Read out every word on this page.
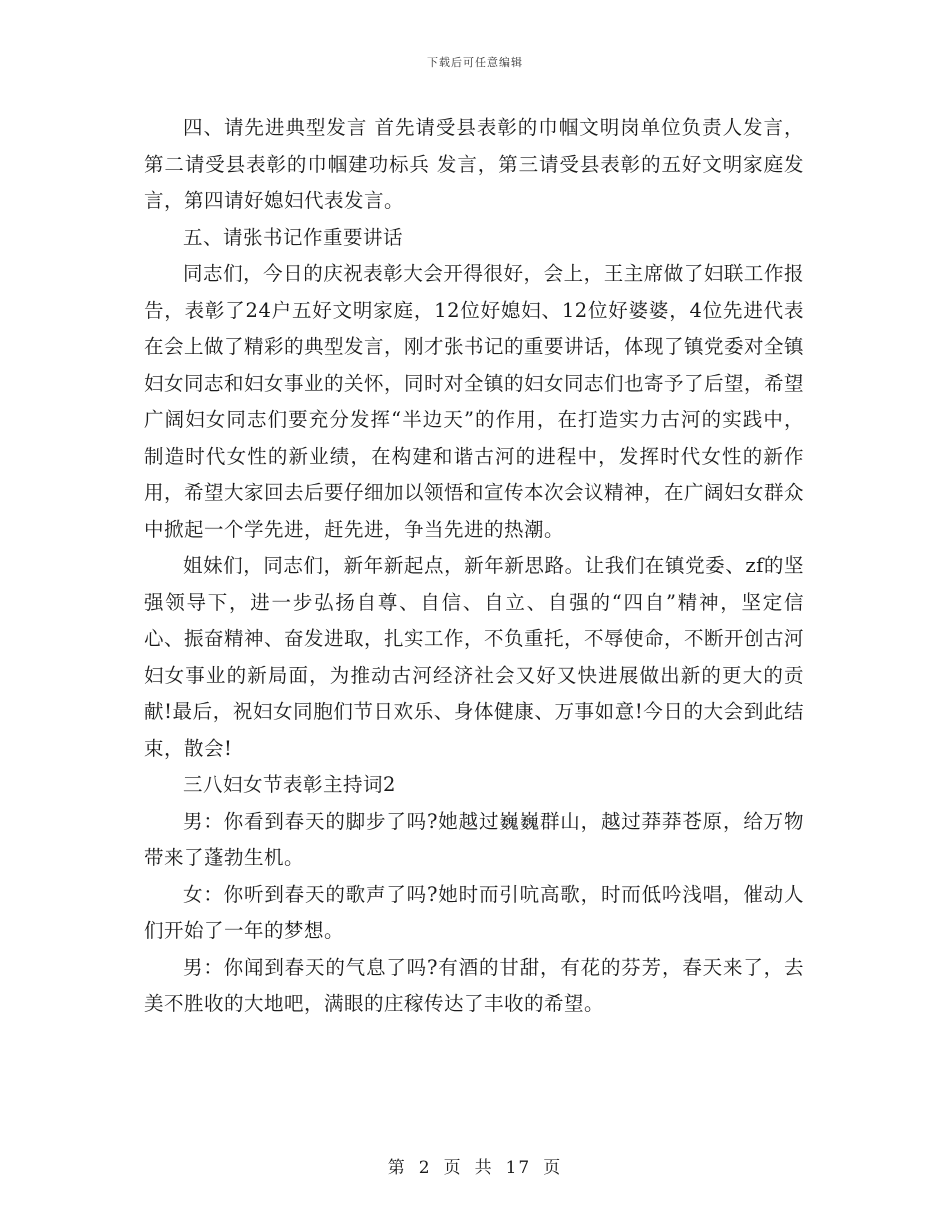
下载后可任意编辑

四、请先进典型发言 首先请受县表彰的巾帼文明岗单位负责人发言，第二请受县表彰的巾帼建功标兵 发言，第三请受县表彰的五好文明家庭发言，第四请好媳妇代表发言。

五、请张书记作重要讲话

同志们，今日的庆祝表彰大会开得很好，会上，王主席做了妇联工作报告，表彰了24户五好文明家庭，12位好媳妇、12位好婆婆，4位先进代表在会上做了精彩的典型发言，刚才张书记的重要讲话，体现了镇党委对全镇妇女同志和妇女事业的关怀，同时对全镇的妇女同志们也寄予了后望，希望广阔妇女同志们要充分发挥“半边天”的作用，在打造实力古河的实践中，制造时代女性的新业绩，在构建和谐古河的进程中，发挥时代女性的新作用，希望大家回去后要仔细加以领悟和宣传本次会议精神，在广阔妇女群众中掀起一个学先进，赶先进，争当先进的热潮。

姐妹们，同志们，新年新起点，新年新思路。让我们在镇党委、zf的坚强领导下，进一步弘扬自尊、自信、自立、自强的“四自”精神，坚定信心、振奋精神、奋发进取，扎实工作，不负重托，不辱使命，不断开创古河妇女事业的新局面，为推动古河经济社会又好又快进展做出新的更大的贡献!最后，祝妇女同胞们节日欢乐、身体健康、万事如意!今日的大会到此结束，散会!

三八妇女节表彰主持词2

男：你看到春天的脚步了吗?她越过巍巍群山，越过莽莽苍原，给万物带来了蓬勃生机。

女：你听到春天的歌声了吗?她时而引吭高歌，时而低吟浅唱，催动人们开始了一年的梦想。

男：你闻到春天的气息了吗?有酒的甘甜，有花的芬芳，春天来了，去美不胜收的大地吧，满眼的庄稼传达了丰收的希望。

第 2 页 共 17 页
